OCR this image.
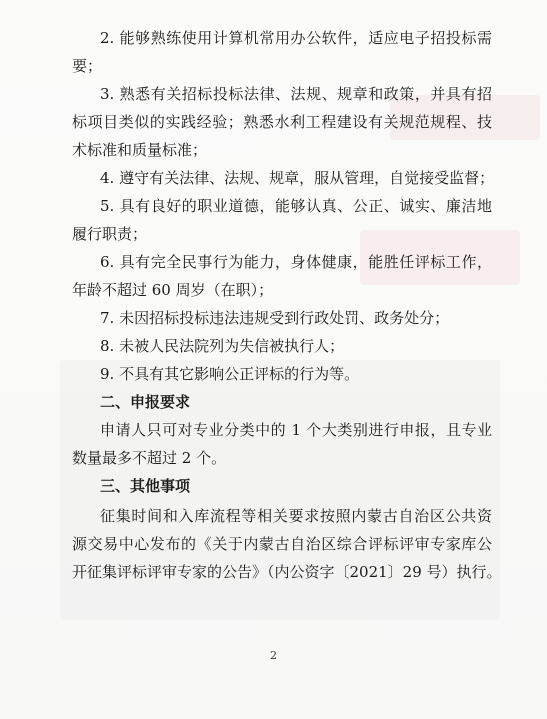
2. 能够熟练使用计算机常用办公软件，适应电子招投标需
要；
3. 熟悉有关招标投标法律、法规、规章和政策，并具有招
标项目类似的实践经验；熟悉水利工程建设有关规范规程、技
术标准和质量标准；
4. 遵守有关法律、法规、规章，服从管理，自觉接受监督；
5. 具有良好的职业道德，能够认真、公正、诚实、廉洁地
履行职责；
6. 具有完全民事行为能力，身体健康，能胜任评标工作，
年龄不超过 60 周岁（在职）；
7. 未因招标投标违法违规受到行政处罚、政务处分；
8. 未被人民法院列为失信被执行人；
9. 不具有其它影响公正评标的行为等。
二、申报要求
申请人只可对专业分类中的 1 个大类别进行申报，且专业
数量最多不超过 2 个。
三、其他事项
征集时间和入库流程等相关要求按照内蒙古自治区公共资
源交易中心发布的《关于内蒙古自治区综合评标评审专家库公
开征集评标评审专家的公告》（内公资字〔2021〕29 号）执行。
2
